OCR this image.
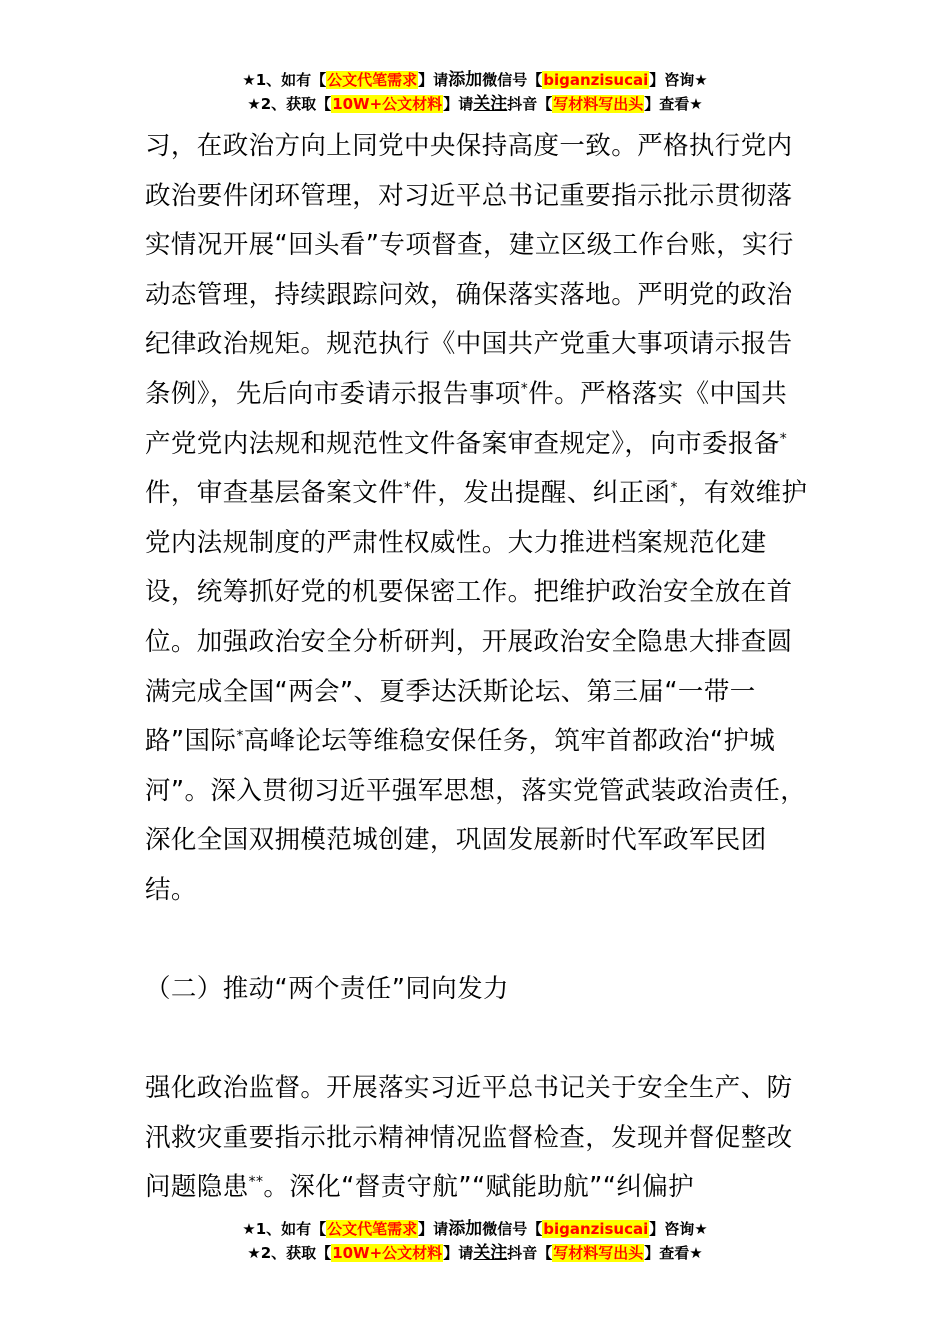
★1、如有【公文代笔需求】请添加微信号【biganzisucai】咨询★
★2、获取【10W+公文材料】请关注抖音【写材料写出头】查看★

习，在政治方向上同党中央保持高度一致。严格执行党内政治要件闭环管理，对习近平总书记重要指示批示贯彻落实情况开展“回头看”专项督查，建立区级工作台账，实行动态管理，持续跟踪问效，确保落实落地。严明党的政治纪律政治规矩。规范执行《中国共产党重大事项请示报告条例》，先后向市委请示报告事项*件。严格落实《中国共产党党内法规和规范性文件备案审查规定》，向市委报备*件，审查基层备案文件*件，发出提醒、纠正函*，有效维护党内法规制度的严肃性权威性。大力推进档案规范化建设，统筹抓好党的机要保密工作。把维护政治安全放在首位。加强政治安全分析研判，开展政治安全隐患大排查圆满完成全国“两会”、夏季达沃斯论坛、第三届“一带一路”国际*高峰论坛等维稳安保任务，筑牢首都政治“护城河”。深入贯彻习近平强军思想，落实党管武装政治责任，深化全国双拥模范城创建，巩固发展新时代军政军民团结。

（二）推动“两个责任”同向发力

强化政治监督。开展落实习近平总书记关于安全生产、防汛救灾重要指示批示精神情况监督检查，发现并督促整改问题隐患**。深化“督责守航”“赋能助航”“纠偏护

★1、如有【公文代笔需求】请添加微信号【biganzisucai】咨询★
★2、获取【10W+公文材料】请关注抖音【写材料写出头】查看★
